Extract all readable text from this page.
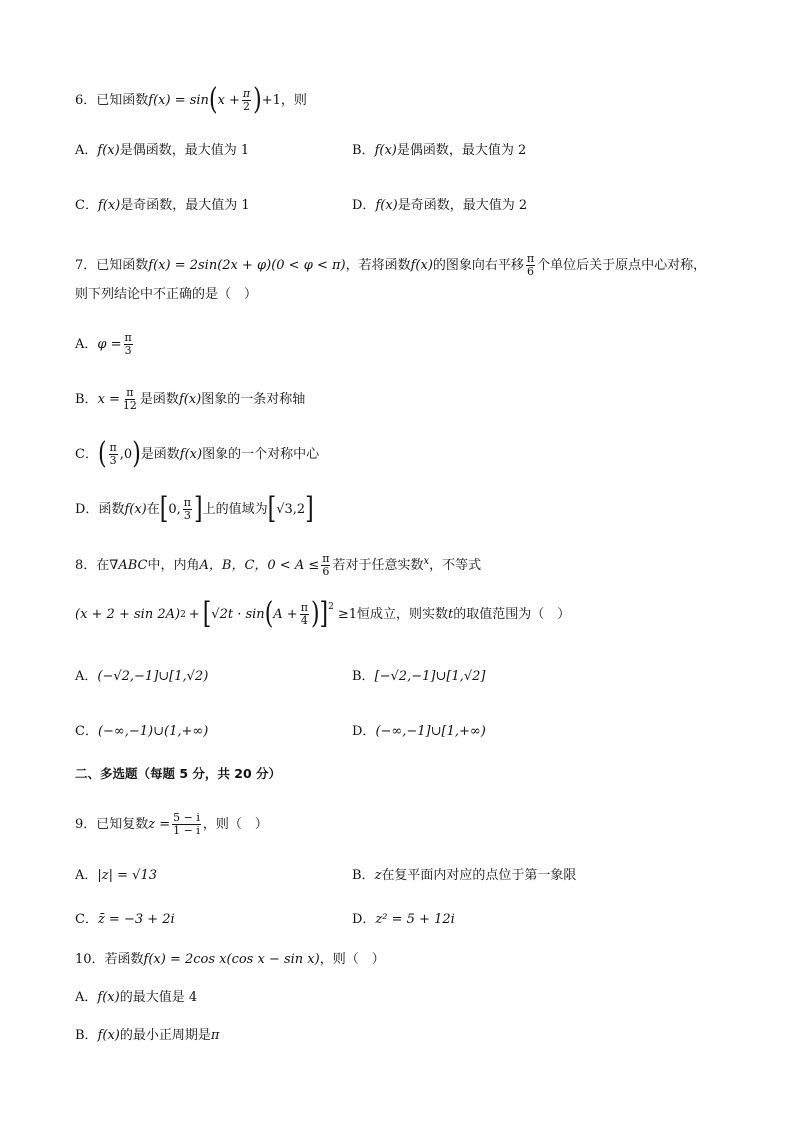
6．已知函数 f(x) = sin ( $x + \frac{\pi}{2}$ ) +1 ，则
A． f(x) 是偶函数，最大值为 1	B． f(x) 是偶函数，最大值为 2
C． f(x) 是奇函数，最大值为 1	D． f(x) 是奇函数，最大值为 2
7．已知函数 f(x) = 2sin(2x + φ)(0 < φ < π) ，若将函数 f(x) 的图象向右平移 $\frac{\pi}{6}$ 个单位后关于原点中心对称，
则下列结论中不正确的是（　）
A． $\varphi = \frac{\pi}{3}$
B． $x = \frac{\pi}{12}$ 是函数 f(x) 图象的一条对称轴
C． ( $\frac{\pi}{3} ,0$ ) 是函数 f(x) 图象的一个对称中心
D． 函数 f(x) 在 [ 0, $\frac{\pi}{3}$ ] 上的值域为 [ √3,2 ]
8．在 ∇ABC 中，内角 A，B，C， $0 < A \le \frac{\pi}{6}$ 若对于任意实数 x ，不等式
(x + 2 + sin 2A) 2 + [ √2t · sin ( $A + \frac{\pi}{4}$ ) ]$^2$ ≥1 恒成立，则实数 t 的取值范围为（　）
A． (−√2,−1]∪[1,√2)	B． [−√2,−1]∪[1,√2]
C． (−∞,−1)∪(1,+∞)	D． (−∞,−1]∪[1,+∞)
二、多选题（每题 5 分，共 20 分）
9．已知复数 $z = \frac{5 - i}{1 - i}$ ，则（　）
A． |z| = √13	B． z 在复平面内对应的点位于第一象限
C． z̄ = −3 + 2i	D． z² = 5 + 12i
10．若函数 f(x) = 2cos x(cos x − sin x) ，则（　）
A． f(x) 的最大值是 4
B． f(x) 的最小正周期是 π
